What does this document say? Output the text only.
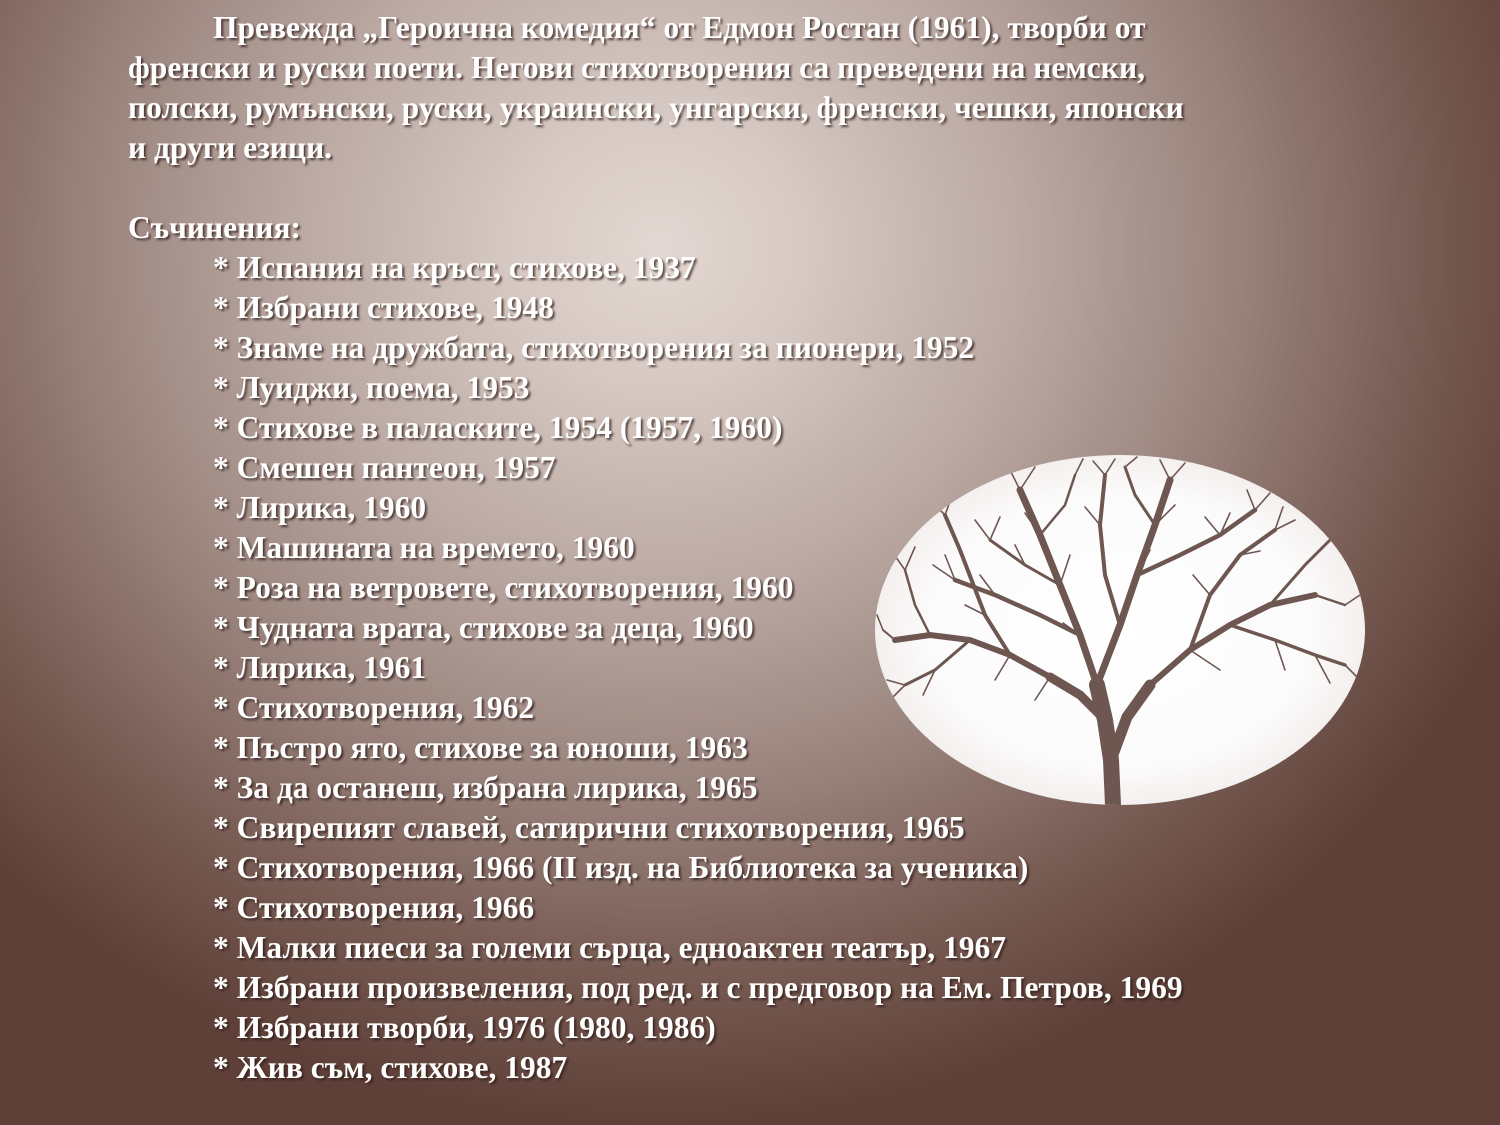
Превежда „Героична комедия“ от Едмон Ростан (1961), творби от
френски и руски поети. Негови стихотворения са преведени на немски,
полски, румънски, руски, украински, унгарски, френски, чешки, японски
и други езици.

Съчинения:

* Испания на кръст, стихове, 1937
* Избрани стихове, 1948
* Знаме на дружбата, стихотворения за пионери, 1952
* Луиджи, поема, 1953
* Стихове в паласките, 1954 (1957, 1960)
* Смешен пантеон, 1957
* Лирика, 1960
* Машината на времето, 1960
* Роза на ветровете, стихотворения, 1960
* Чудната врата, стихове за деца, 1960
* Лирика, 1961
* Стихотворения, 1962
* Пъстро ято, стихове за юноши, 1963
* За да останеш, избрана лирика, 1965
* Свирепият славей, сатирични стихотворения, 1965
* Стихотворения, 1966 (II изд. на Библиотека за ученика)
* Стихотворения, 1966
* Малки пиеси за големи сърца, едноактен театър, 1967
* Избрани произвеления, под ред. и с предговор на Ем. Петров, 1969
* Избрани творби, 1976 (1980, 1986)
* Жив съм, стихове, 1987
